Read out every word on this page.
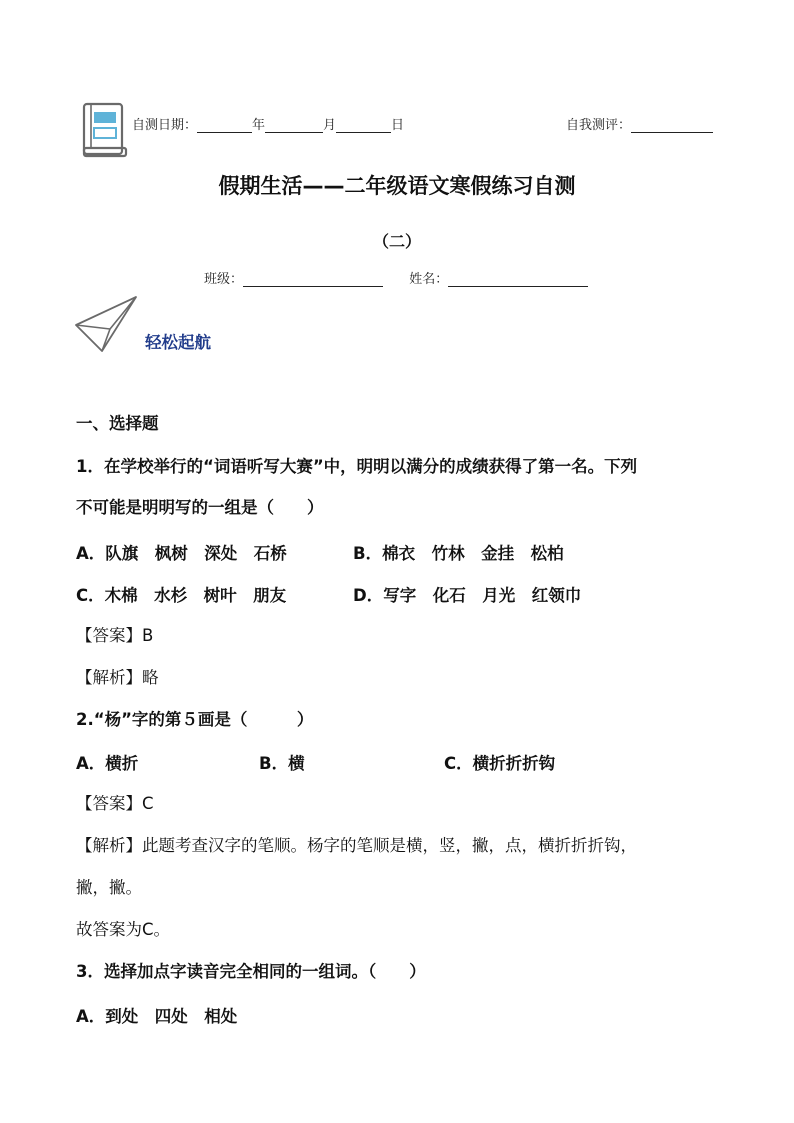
自测日期：	年	月	日	自我测评：
假期生活——二年级语文寒假练习自测
（二）
班级：	姓名：
轻松起航
一、选择题
1．在学校举行的“词语听写大赛”中，明明以满分的成绩获得了第一名。下列
不可能是明明写的一组是（　　）
A．队旗　枫树　深处　石桥	B．棉衣　竹林　金挂　松柏
C．木棉　水杉　树叶　朋友	D．写字　化石　月光　红领巾
【答案】B
【解析】略
2.“杨”字的第５画是（　　　）
A．横折	B．横	C．横折折折钩
【答案】C
【解析】此题考查汉字的笔顺。杨字的笔顺是横，竖，撇，点，横折折折钩，
撇，撇。
故答案为C。
3．选择加点字读音完全相同的一组词。（　　）
A．到处　四处　相处
